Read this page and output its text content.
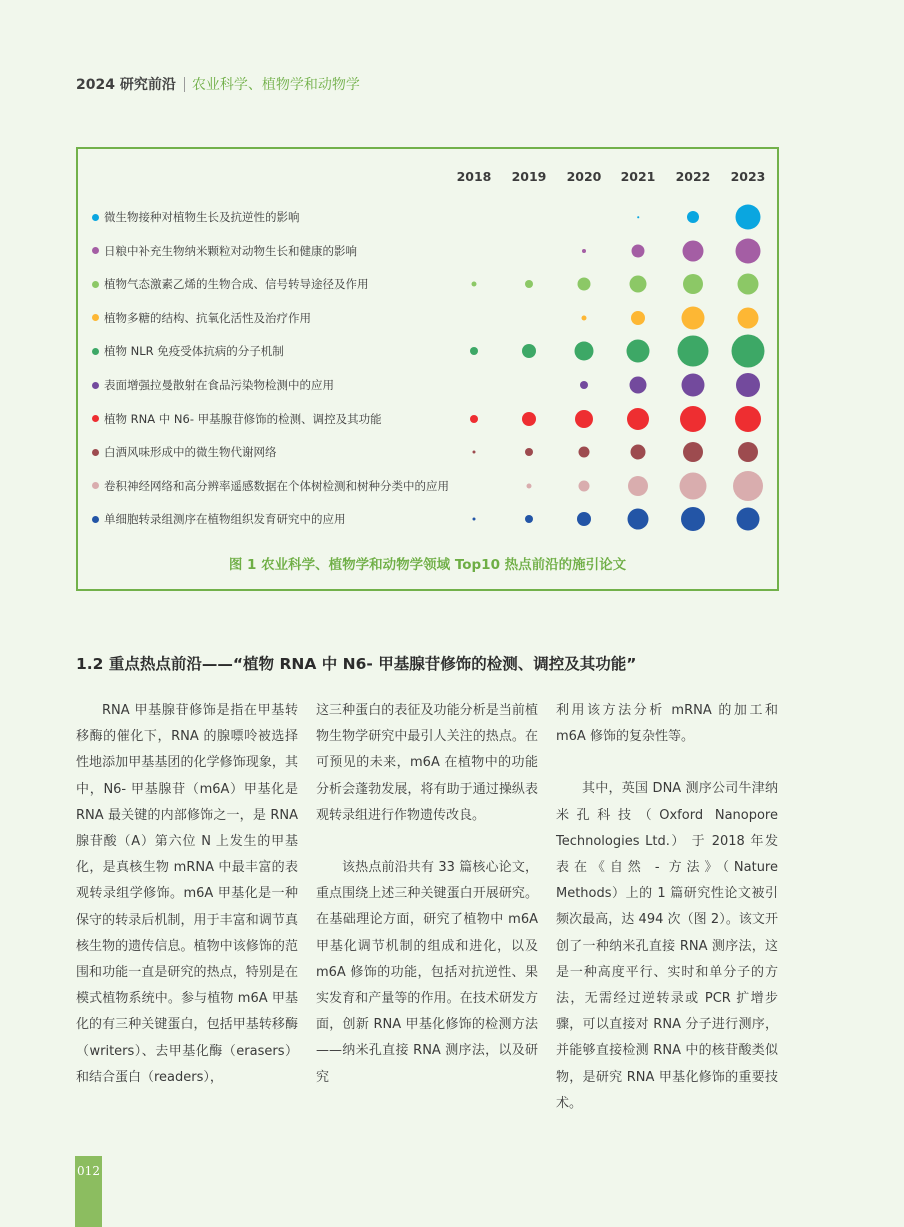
2024 研究前沿 农业科学、植物学和动物学
2018	2019	2020	2021	2022	2023
微生物接种对植物生长及抗逆性的影响
日粮中补充生物纳米颗粒对动物生长和健康的影响
植物气态激素乙烯的生物合成、信号转导途径及作用
植物多糖的结构、抗氧化活性及治疗作用
植物 NLR 免疫受体抗病的分子机制
表面增强拉曼散射在食品污染物检测中的应用
植物 RNA 中 N6- 甲基腺苷修饰的检测、调控及其功能
白酒风味形成中的微生物代谢网络
卷积神经网络和高分辨率遥感数据在个体树检测和树种分类中的应用
单细胞转录组测序在植物组织发育研究中的应用
图 1 农业科学、植物学和动物学领域 Top10 热点前沿的施引论文
1.2 重点热点前沿——“植物 RNA 中 N6- 甲基腺苷修饰的检测、调控及其功能”

RNA 甲基腺苷修饰是指在甲基转移酶的催化下，RNA 的腺嘌呤被选择性地添加甲基基团的化学修饰现象，其中，N6- 甲基腺苷（m6A）甲基化是 RNA 最关键的内部修饰之一，是 RNA 腺苷酸（A）第六位 N 上发生的甲基化，是真核生物 mRNA 中最丰富的表观转录组学修饰。m6A 甲基化是一种保守的转录后机制，用于丰富和调节真核生物的遗传信息。植物中该修饰的范围和功能一直是研究的热点，特别是在模式植物系统中。参与植物 m6A 甲基化的有三种关键蛋白，包括甲基转移酶（writers）、去甲基化酶（erasers）和结合蛋白（readers），

这三种蛋白的表征及功能分析是当前植物生物学研究中最引人关注的热点。在可预见的未来，m6A 在植物中的功能分析会蓬勃发展，将有助于通过操纵表观转录组进行作物遗传改良。

该热点前沿共有 33 篇核心论文，重点围绕上述三种关键蛋白开展研究。在基础理论方面，研究了植物中 m6A 甲基化调节机制的组成和进化，以及 m6A 修饰的功能，包括对抗逆性、果实发育和产量等的作用。在技术研发方面，创新 RNA 甲基化修饰的检测方法——纳米孔直接 RNA 测序法，以及研究

利用该方法分析 mRNA 的加工和 m6A 修饰的复杂性等。

其中，英国 DNA 测序公司牛津纳米孔科技（Oxford Nanopore Technologies Ltd.） 于 2018 年发表在《自然 - 方法》（Nature Methods）上的 1 篇研究性论文被引频次最高，达 494 次（图 2）。该文开创了一种纳米孔直接 RNA 测序法，这是一种高度平行、实时和单分子的方法，无需经过逆转录或 PCR 扩增步骤，可以直接对 RNA 分子进行测序，并能够直接检测 RNA 中的核苷酸类似物，是研究 RNA 甲基化修饰的重要技术。

012
